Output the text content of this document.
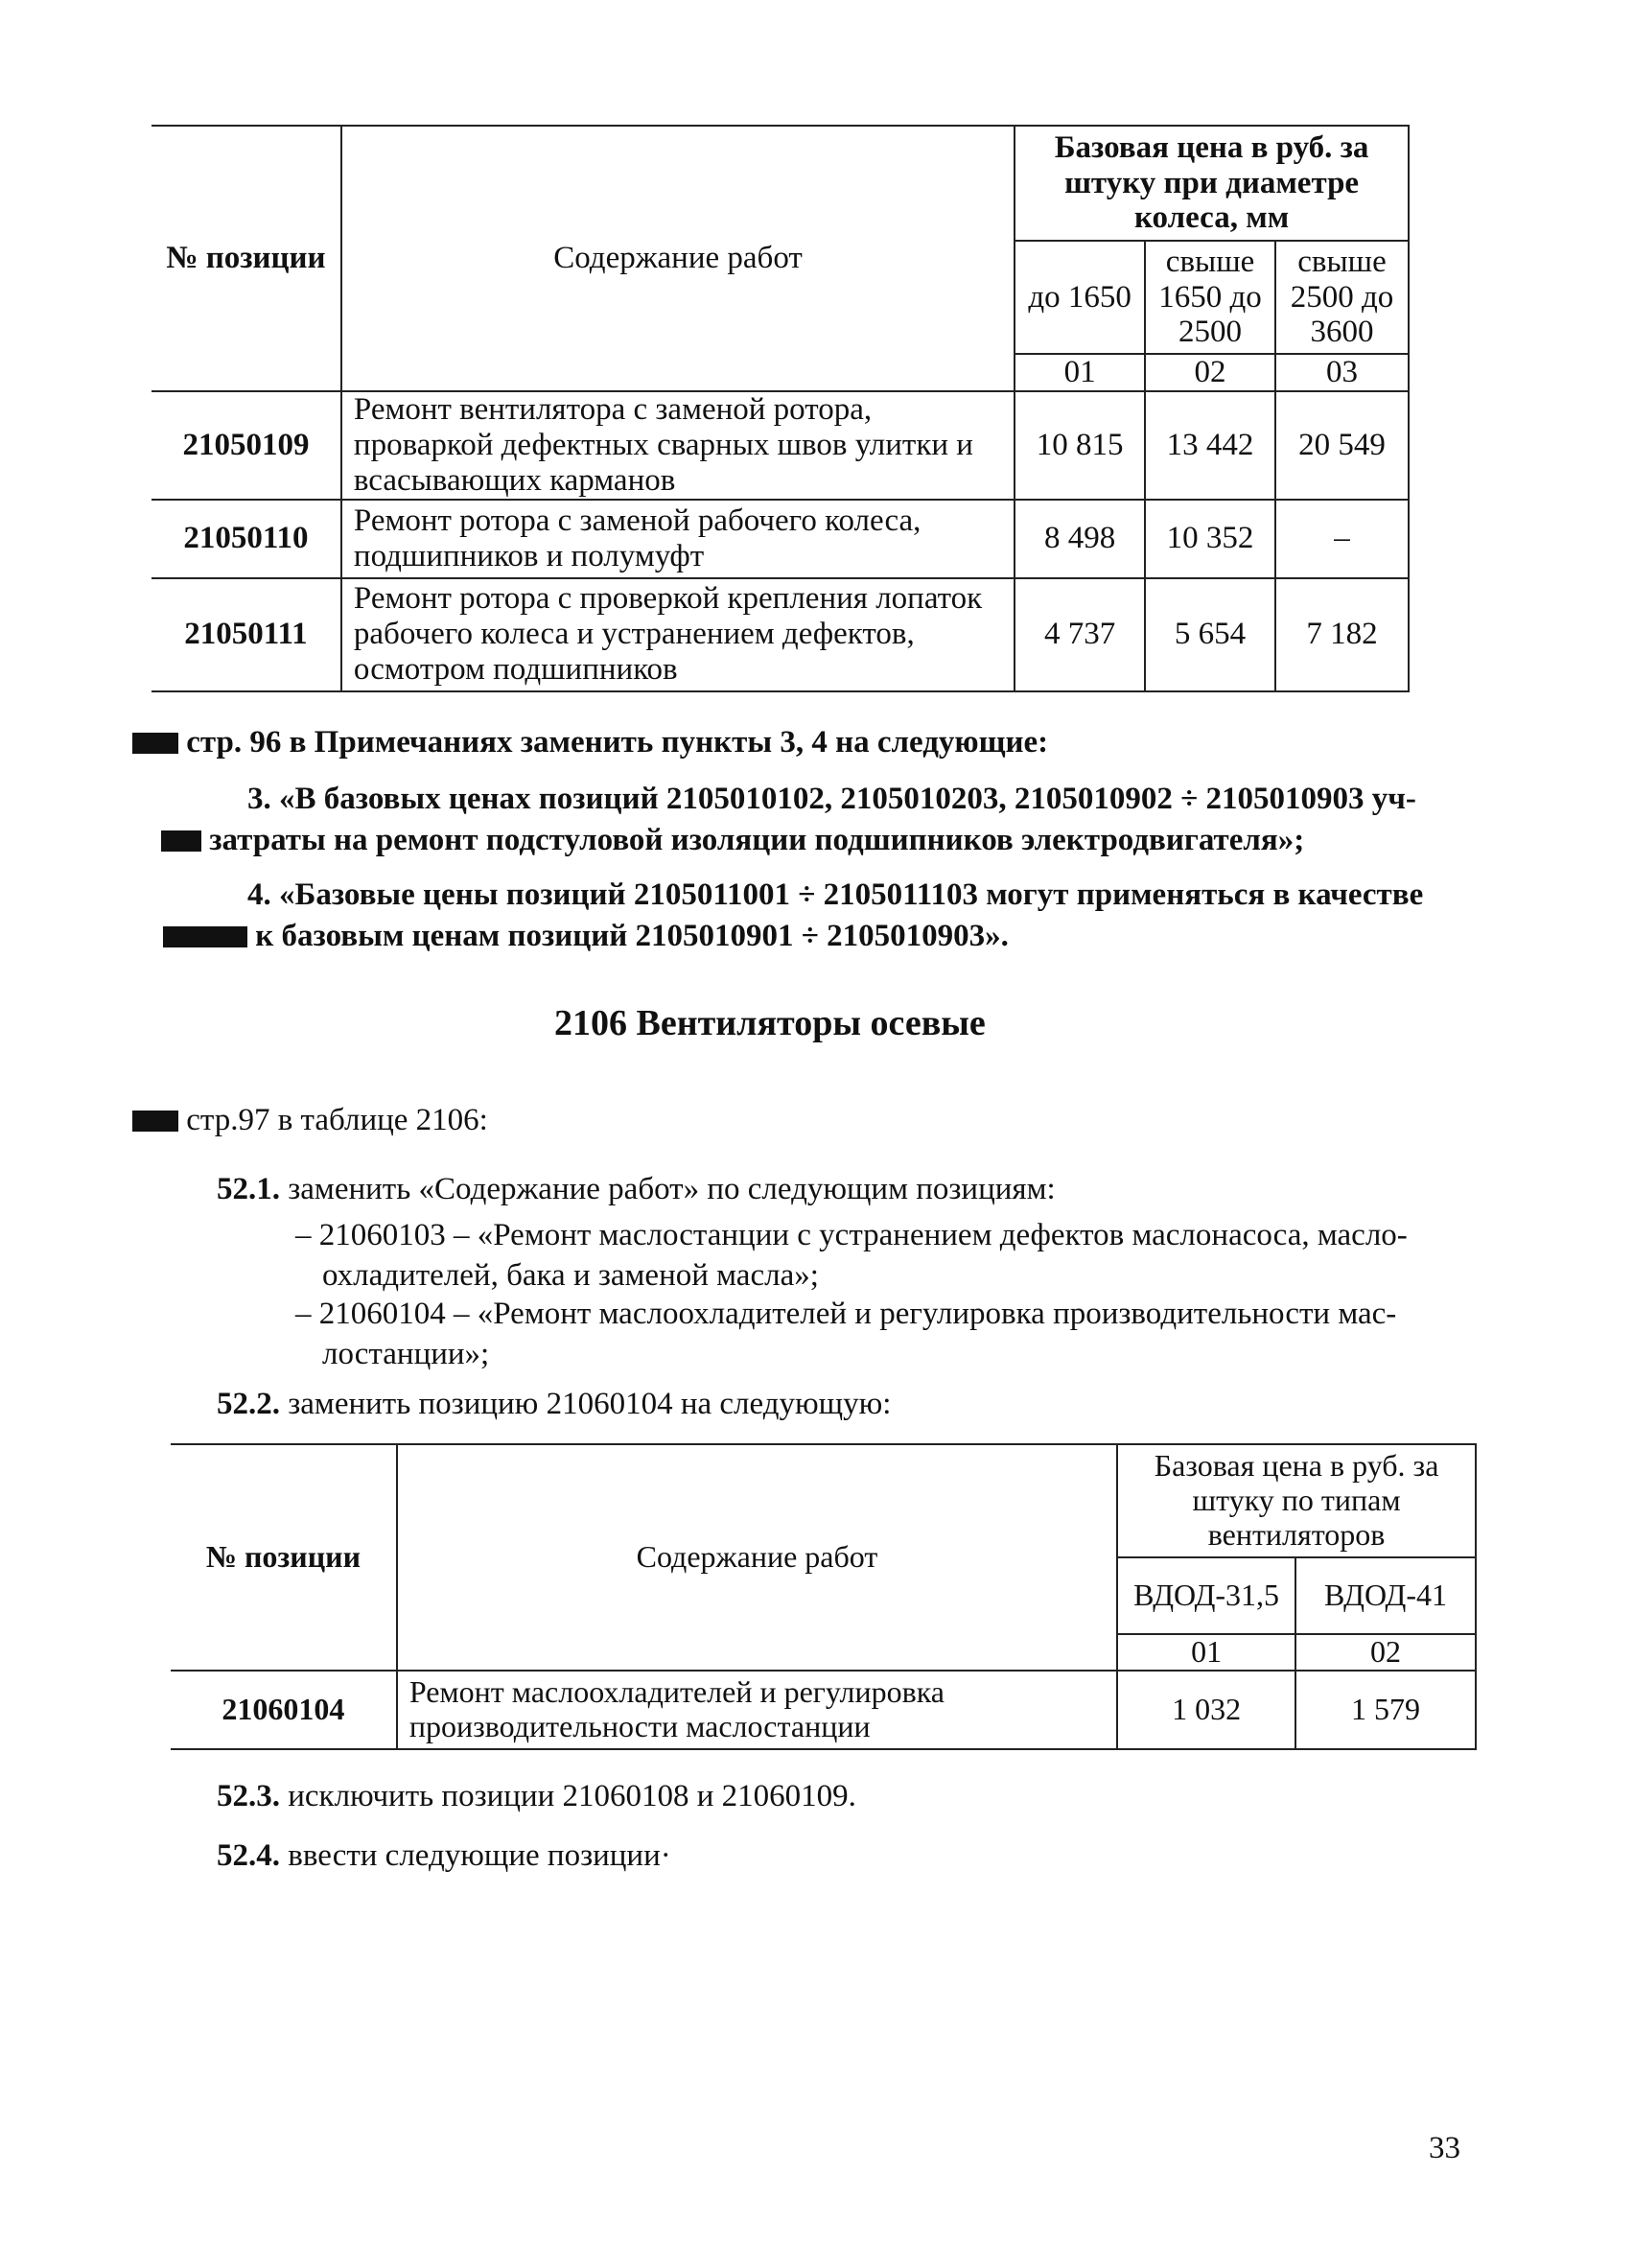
№ позиции	Содержание работ	Базовая цена в руб. за штуку при диаметре колеса, мм		
		до 1650	свыше 1650 до 2500	свыше 2500 до 3600
		01	02	03
21050109	Ремонт вентилятора с заменой ротора, проваркой дефектных сварных швов улитки и всасывающих карманов	10 815	13 442	20 549
21050110	Ремонт ротора с заменой рабочего колеса, подшипников и полумуфт	8 498	10 352	–
21050111	Ремонт ротора с проверкой крепления лопаток рабочего колеса и устранением дефектов, осмотром подшипников	4 737	5 654	7 182
стр. 96 в Примечаниях заменить пункты 3, 4 на следующие:
3. «В базовых ценах позиций 2105010102, 2105010203, 2105010902 ÷ 2105010903 уч-
затраты на ремонт подстуловой изоляции подшипников электродвигателя»;
4. «Базовые цены позиций 2105011001 ÷ 2105011103 могут применяться в качестве
к базовым ценам позиций 2105010901 ÷ 2105010903».
2106 Вентиляторы осевые
стр.97 в таблице 2106:
52.1. заменить «Содержание работ» по следующим позициям:
– 21060103 – «Ремонт маслостанции с устранением дефектов маслонасоса, масло-
охладителей, бака и заменой масла»;
– 21060104 – «Ремонт маслоохладителей и регулировка производительности мас-
лостанции»;
52.2. заменить позицию 21060104 на следующую:
№ позиции	Содержание работ	Базовая цена в руб. за штуку по типам вентиляторов	
		ВДОД-31,5	ВДОД-41
		01	02
21060104	Ремонт маслоохладителей и регулировка производительности маслостанции	1 032	1 579
52.3. исключить позиции 21060108 и 21060109.
52.4. ввести следующие позиции·
33
